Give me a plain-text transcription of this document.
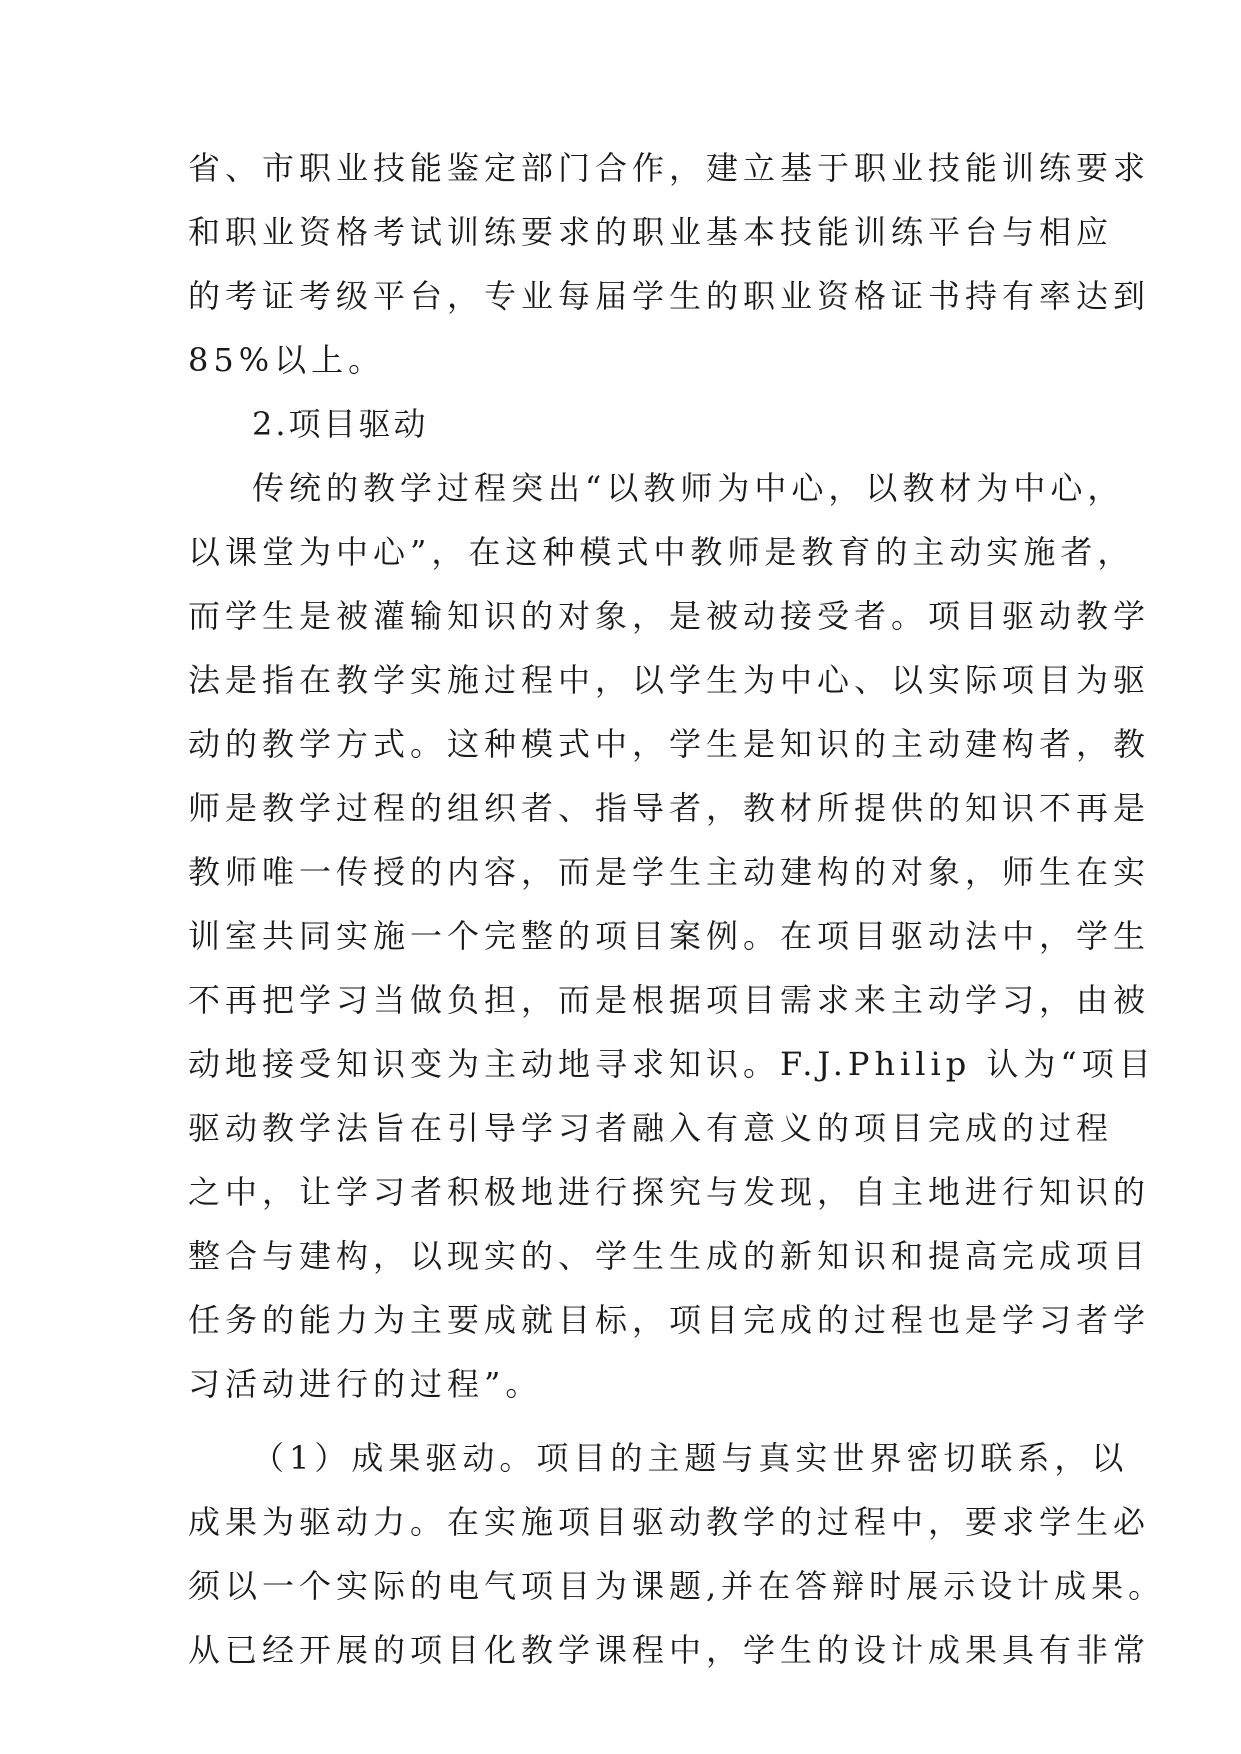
省、市职业技能鉴定部门合作，建立基于职业技能训练要求
和职业资格考试训练要求的职业基本技能训练平台与相应
的考证考级平台，专业每届学生的职业资格证书持有率达到
85%以上。
2.项目驱动
传统的教学过程突出“以教师为中心，以教材为中心，
以课堂为中心”，在这种模式中教师是教育的主动实施者，
而学生是被灌输知识的对象，是被动接受者。项目驱动教学
法是指在教学实施过程中，以学生为中心、以实际项目为驱
动的教学方式。这种模式中，学生是知识的主动建构者，教
师是教学过程的组织者、指导者，教材所提供的知识不再是
教师唯一传授的内容，而是学生主动建构的对象，师生在实
训室共同实施一个完整的项目案例。在项目驱动法中，学生
不再把学习当做负担，而是根据项目需求来主动学习，由被
动地接受知识变为主动地寻求知识。F.J.Philip 认为“项目
驱动教学法旨在引导学习者融入有意义的项目完成的过程
之中，让学习者积极地进行探究与发现，自主地进行知识的
整合与建构，以现实的、学生生成的新知识和提高完成项目
任务的能力为主要成就目标，项目完成的过程也是学习者学
习活动进行的过程”。
（1）成果驱动。项目的主题与真实世界密切联系，以
成果为驱动力。在实施项目驱动教学的过程中，要求学生必
须以一个实际的电气项目为课题,并在答辩时展示设计成果。
从已经开展的项目化教学课程中，学生的设计成果具有非常
